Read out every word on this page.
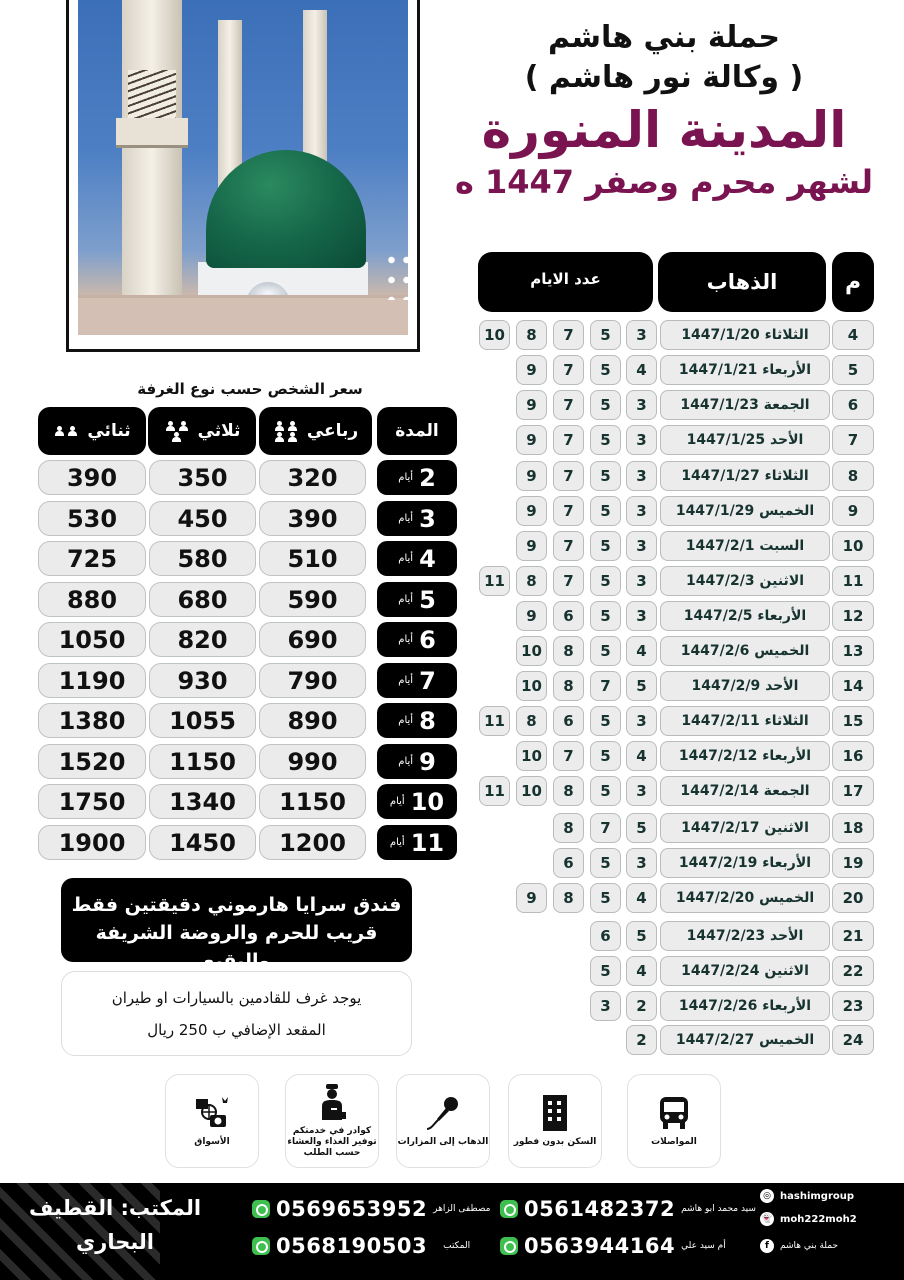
حملة بني هاشم
( وكالة نور هاشم )
المدينة المنورة
لشهر محرم وصفر 1447 ه
م
الذهاب
عدد الايام
4
الثلاثاء 1447/1/20
3
5
7
8
10
5
الأربعاء 1447/1/21
4
5
7
9
6
الجمعة 1447/1/23
3
5
7
9
7
الأحد 1447/1/25
3
5
7
9
8
الثلاثاء 1447/1/27
3
5
7
9
9
الخميس 1447/1/29
3
5
7
9
10
السبت 1447/2/1
3
5
7
9
11
الاثنين 1447/2/3
3
5
7
8
11
12
الأربعاء 1447/2/5
3
5
6
9
13
الخميس 1447/2/6
4
5
8
10
14
الأحد 1447/2/9
5
7
8
10
15
الثلاثاء 1447/2/11
3
5
6
8
11
16
الأربعاء 1447/2/12
4
5
7
10
17
الجمعة 1447/2/14
3
5
8
10
11
18
الاثنين 1447/2/17
5
7
8
19
الأربعاء 1447/2/19
3
5
6
20
الخميس 1447/2/20
4
5
8
9
21
الأحد 1447/2/23
5
6
22
الاثنين 1447/2/24
4
5
23
الأربعاء 1447/2/26
2
3
24
الخميس 1447/2/27
2
سعر الشخص حسب نوع الغرفة
المدة
رباعي
ثلاثي
ثنائي
2
أيام
320
350
390
3
أيام
390
450
530
4
أيام
510
580
725
5
أيام
590
680
880
6
أيام
690
820
1050
7
أيام
790
930
1190
8
أيام
890
1055
1380
9
أيام
990
1150
1520
10
أيام
1150
1340
1750
11
أيام
1200
1450
1900
فندق سرايا هارموني دقيقتين فقط
قريب للحرم والروضة الشريفة والبقيع
يوجد غرف للقادمين بالسيارات او طيران
المقعد الإضافي ب 250 ريال
المواصلات
السكن بدون فطور
الذهاب إلى المزارات
كوادر في خدمتكم توفير الغذاء والعشاء حسب الطلب
الأسواق
المكتب: القطيف
البحاري
0569653952 مصطفى الزاهر
0568190503 المكتب
0561482372 سيد محمد ابو هاشم
0563944164 أم سيد علي
◎ hashimgroup
👻 moh222moh2
f	حملة بني هاشم
